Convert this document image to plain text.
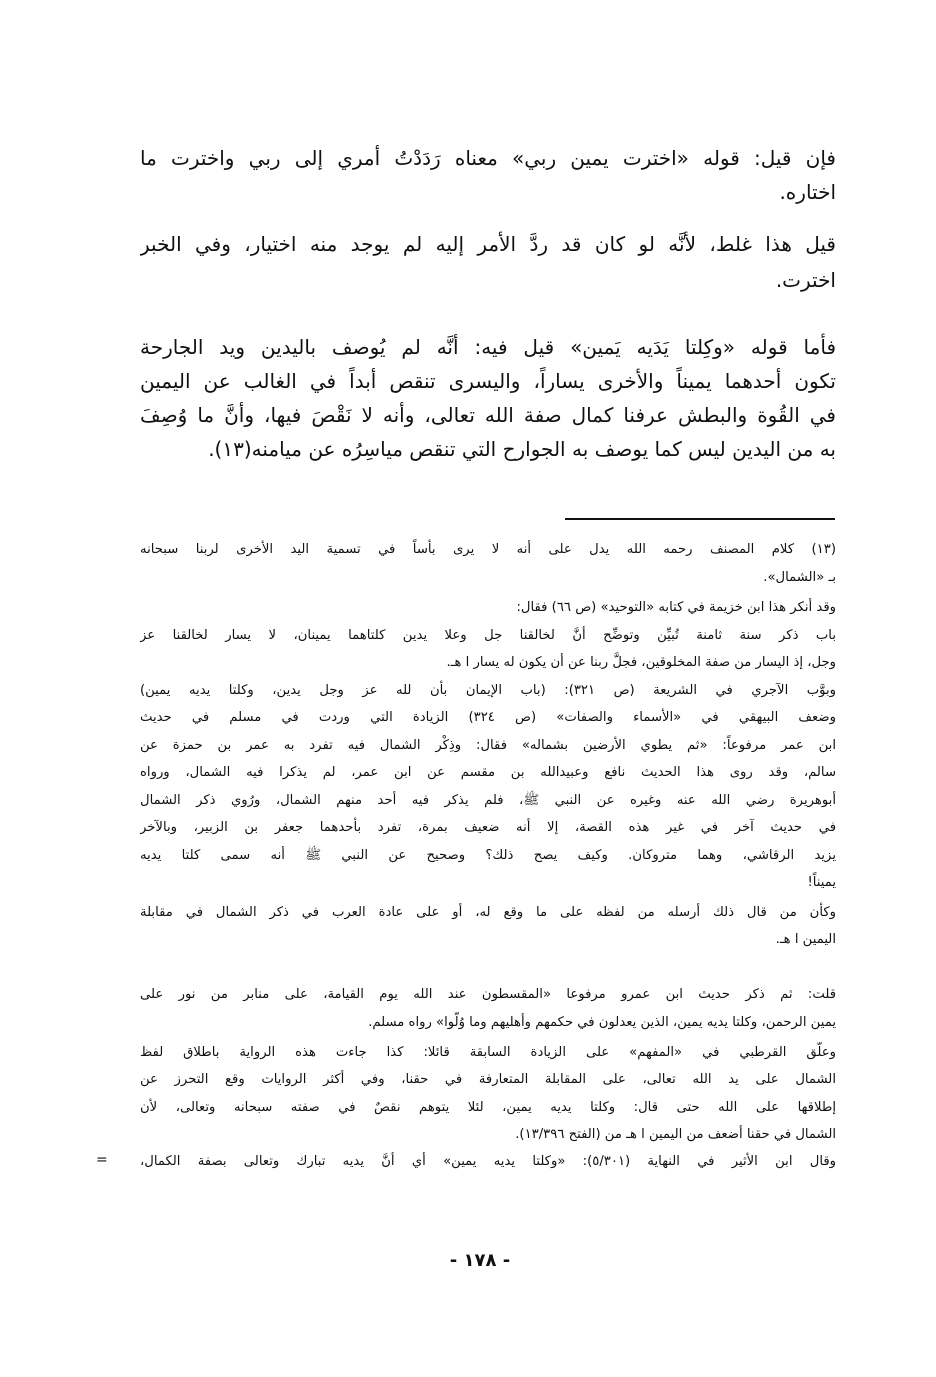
فإن قيل: قوله «اخترت يمين ربي» معناه رَدَدْتُ أمري إلى ربي واخترت ما
اختاره.
قيل هذا غلط، لأنَّه لو كان قد ردَّ الأمر إليه لم يوجد منه اختيار، وفي الخبر
اخترت.
فأما قوله «وكِلتا يَدَيه يَمين» قيل فيه: أنَّه لم يُوصف باليدين ويد الجارحة
تكون أحدهما يميناً والأخرى يساراً، واليسرى تنقص أبداً في الغالب عن اليمين
في القُوة والبطش عرفنا كمال صفة الله تعالى، وأنه لا نَقْصَ فيها، وأنَّ ما وُصِفَ
به من اليدين ليس كما يوصف به الجوارح التي تنقص مياسِرُه عن ميامنه(١٣).
(١٣) كلام المصنف رحمه الله يدل على أنه لا يرى بأساً في تسمية اليد الأخرى لربنا سبحانه
بـ «الشمال».
وقد أنكر هذا ابن خزيمة في كتابه «التوحيد» (ص ٦٦) فقال:
باب ذكر سنة ثامنة تُبيِّن وتوضِّح أنَّ لخالقنا جل وعلا يدين كلتاهما يمينان، لا يسار لخالقنا عز
وجل، إذ اليسار من صفة المخلوقين، فجلَّ ربنا عن أن يكون له يسار ا هـ.
وبوَّب الآجري في الشريعة (ص ٣٢١): (باب الإيمان بأن لله عز وجل يدين، وكلتا يديه يمين)
وضعف البيهقي في «الأسماء والصفات» (ص ٣٢٤) الزيادة التي وردت في مسلم في حديث
ابن عمر مرفوعاً: «ثم يطوي الأرضين بشماله» فقال: وذِكْر الشمال فيه تفرد به عمر بن حمزة عن
سالم، وقد روى هذا الحديث نافع وعبيدالله بن مقسم عن ابن عمر، لم يذكرا فيه الشمال، ورواه
أبوهريرة رضي الله عنه وغيره عن النبي ﷺ، فلم يذكر فيه أحد منهم الشمال، ورُوي ذكر الشمال
في حديث آخر في غير هذه القصة، إلا أنه ضعيف بمرة، تفرد بأحدهما جعفر بن الزبير، وبالآخر
يزيد الرقاشي، وهما متروكان. وكيف يصح ذلك؟ وصحيح عن النبي ﷺ أنه سمى كلتا يديه
يميناً!
وكأن من قال ذلك أرسله من لفظه على ما وقع له، أو على عادة العرب في ذكر الشمال في مقابلة
اليمين ا هـ.
قلت: ثم ذكر حديث ابن عمرو مرفوعا «المقسطون عند الله يوم القيامة، على منابر من نور على
يمين الرحمن، وكلتا يديه يمين، الذين يعدلون في حكمهم وأهليهم وما وُلُّوا» رواه مسلم.
وعلَّق القرطبي في «المفهم» على الزيادة السابقة قائلا: كذا جاءت هذه الرواية باطلاق لفظ
الشمال على يد الله تعالى، على المقابلة المتعارفة في حقنا، وفي أكثر الروايات وقع التحرز عن
إطلاقها على الله حتى قال: وكلتا يديه يمين، لئلا يتوهم نقصٌ في صفته سبحانه وتعالى، لأن
الشمال في حقنا أضعف من اليمين ا هـ من (الفتح ١٣/٣٩٦).
وقال ابن الأثير في النهاية (٥/٣٠١): «وكلتا يديه يمين» أي أنَّ يديه تبارك وتعالى بصفة الكمال،
=
- ١٧٨ -
